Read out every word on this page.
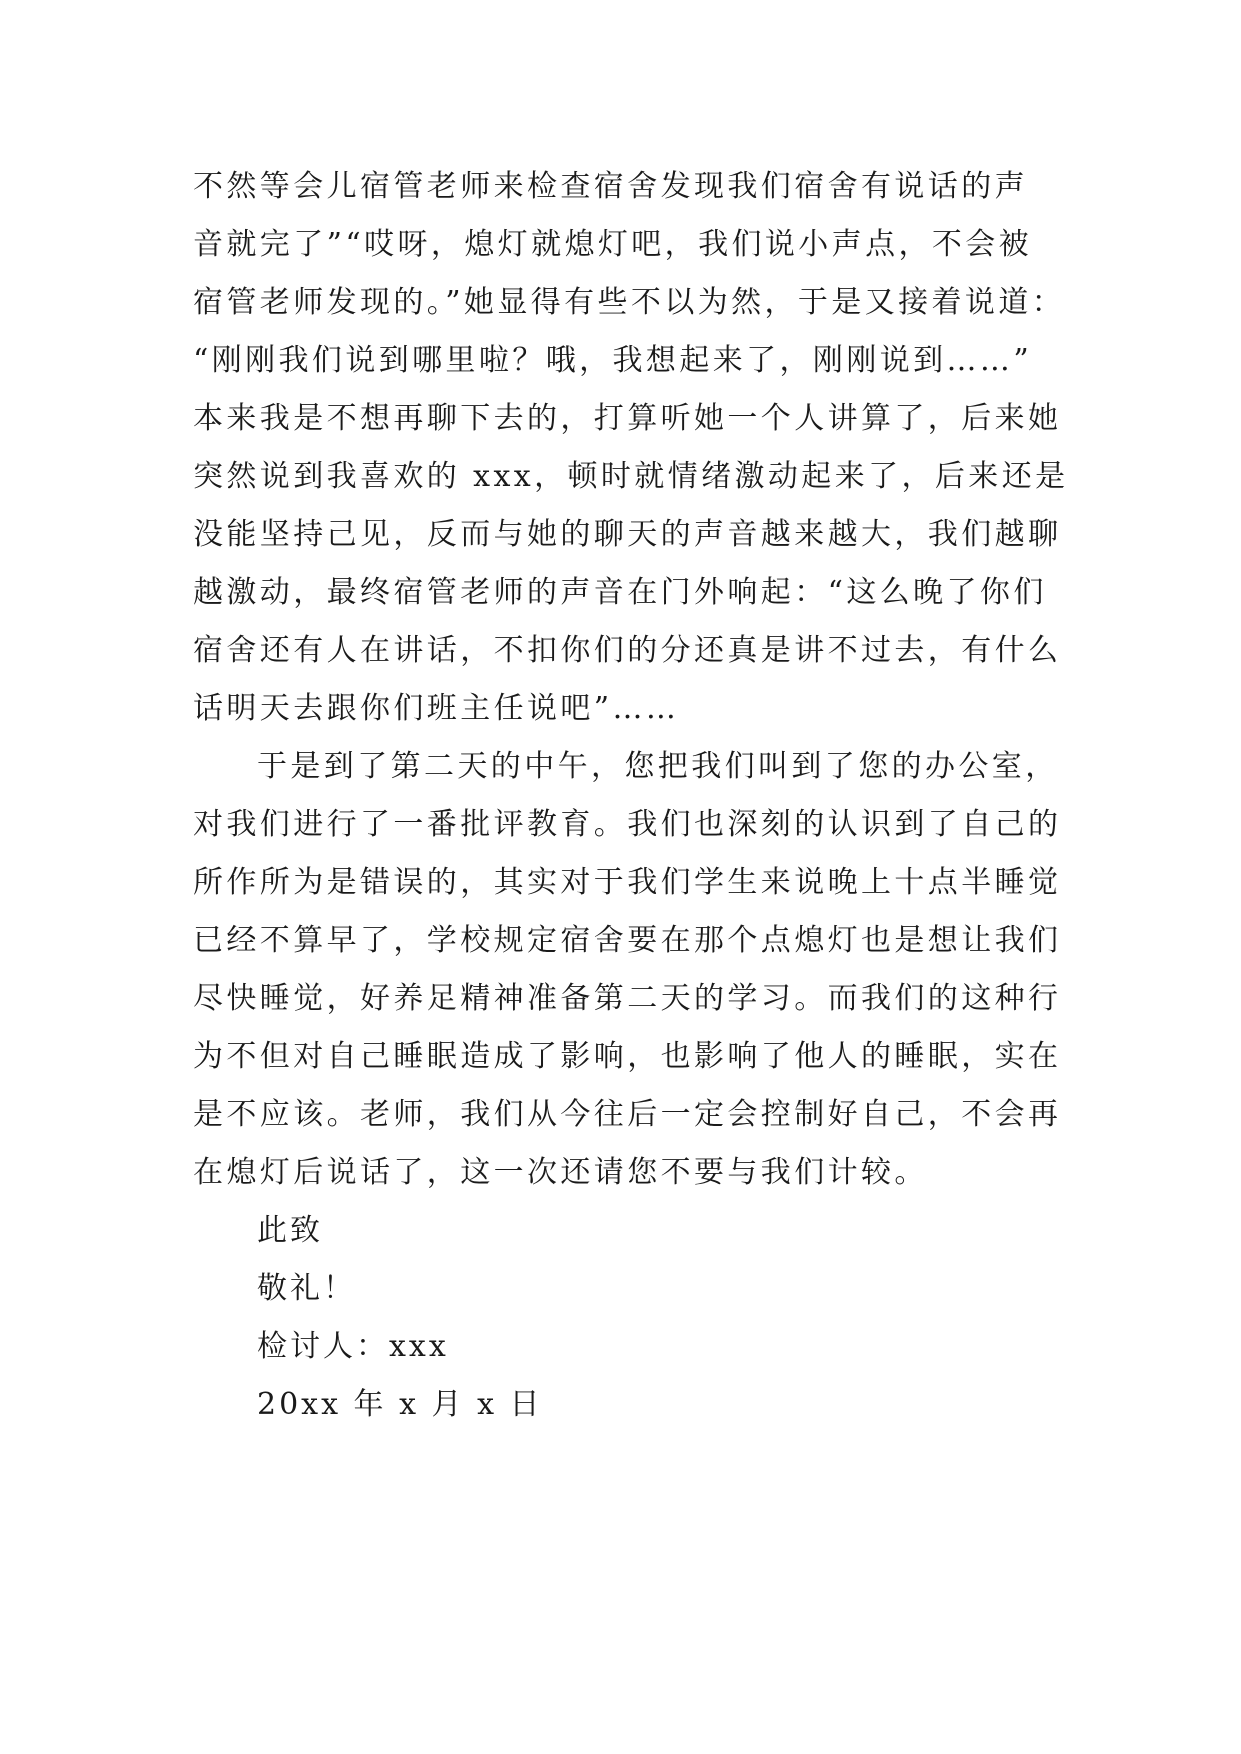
不然等会儿宿管老师来检查宿舍发现我们宿舍有说话的声
音就完了”“哎呀，熄灯就熄灯吧，我们说小声点，不会被
宿管老师发现的。”她显得有些不以为然，于是又接着说道：
“刚刚我们说到哪里啦？哦，我想起来了，刚刚说到……”
本来我是不想再聊下去的，打算听她一个人讲算了，后来她
突然说到我喜欢的 xxx，顿时就情绪激动起来了，后来还是
没能坚持己见，反而与她的聊天的声音越来越大，我们越聊
越激动，最终宿管老师的声音在门外响起：“这么晚了你们
宿舍还有人在讲话，不扣你们的分还真是讲不过去，有什么
话明天去跟你们班主任说吧”……
于是到了第二天的中午，您把我们叫到了您的办公室，
对我们进行了一番批评教育。我们也深刻的认识到了自己的
所作所为是错误的，其实对于我们学生来说晚上十点半睡觉
已经不算早了，学校规定宿舍要在那个点熄灯也是想让我们
尽快睡觉，好养足精神准备第二天的学习。而我们的这种行
为不但对自己睡眠造成了影响，也影响了他人的睡眠，实在
是不应该。老师，我们从今往后一定会控制好自己，不会再
在熄灯后说话了，这一次还请您不要与我们计较。
此致
敬礼！
检讨人：xxx
20xx 年 x 月 x 日
